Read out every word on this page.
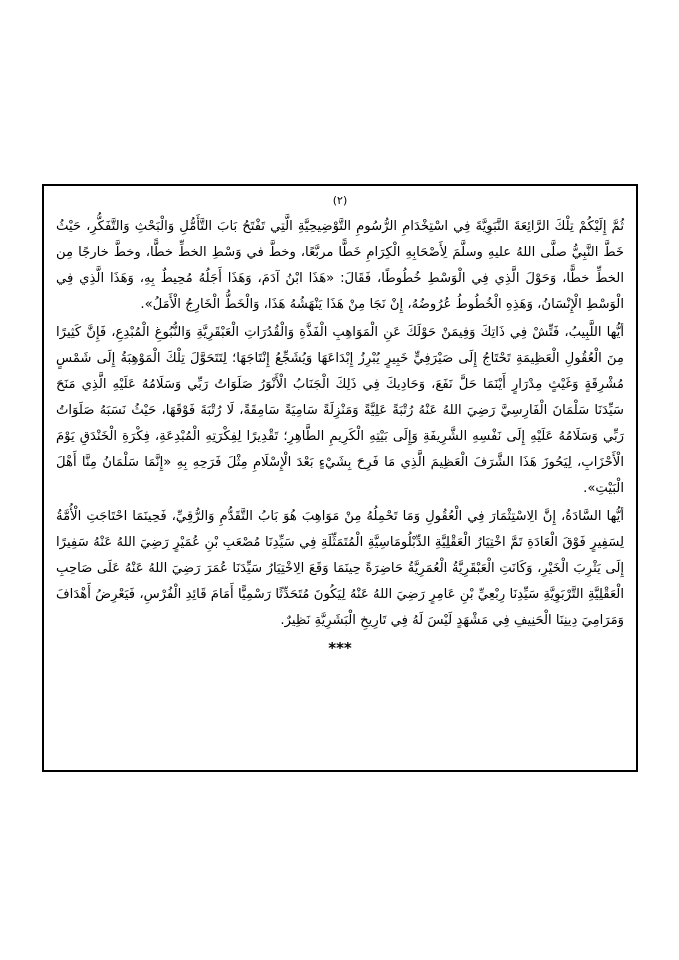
(٢)

ثُمَّ إِلَيْكُمْ تِلْكَ الرَّائِعَةَ النَّبَوِيَّةَ فِي اسْتِخْدَامِ الرُّسُومِ التَّوْضِيحِيَّةِ الَّتِي تَفْتَحُ بَابَ التَّأَمُّلِ وَالْبَحْثِ وَالتَّفَكُّرِ، حَيْثُ خَطَّ النَّبِيُّ صلَّى اللهُ عليهِ وسلَّمَ لِأَصْحَابِهِ الْكِرَامِ خَطًّا مربَّعًا، وخطَّ في وَسْطِ الخطِّ خطًّا، وخطَّ خارجًا مِن الخطِّ خطًّا، وَحَوْلَ الَّذِي فِي الْوَسْطِ خُطُوطًا، فَقَالَ: «هَذَا ابْنُ آدَمَ، وَهَذَا أَجَلُهُ مُحِيطٌ بِهِ، وَهَذَا الَّذِي فِي الْوَسْطِ الْإِنْسَانُ، وَهَذِهِ الْخُطُوطُ عُرُوضُهُ، إِنْ نَجَا مِنْ هَذَا يَنْهَشُهُ هَذَا، وَالْخَطُّ الْخَارِجُ الْأَمَلُ».

أيُّها اللَّبِيبُ، فَتِّشْ فِي ذَاتِكَ وَفِيمَنْ حَوْلَكَ عَنِ الْمَوَاهِبِ الْفَذَّةِ وَالْقُدُرَاتِ الْعَبْقَرِيَّةِ وَالنُّبُوغِ الْمُبْدِعِ، فَإِنَّ كَثِيرًا مِنَ الْعُقُولِ الْعَظِيمَةِ تَحْتَاجُ إِلَى صَيْرَفِيٍّ خَبِيرٍ يُبْرِزُ إِبْدَاعَهَا وَيُشَجِّعُ إِنْتَاجَهَا؛ لِتَتَحَوَّلَ تِلْكَ الْمَوْهِبَةُ إِلَى شَمْسٍ مُشْرِقَةٍ وَغَيْثٍ مِدْرَارٍ أَيْنَمَا حَلَّ نَفَعَ، وَحَادِيكَ فِي ذَلِكَ الْجَنَابُ الْأَنْوَرُ صَلَوَاتُ رَبِّي وَسَلَامُهُ عَلَيْهِ الَّذِي مَنَحَ سَيِّدَنَا سَلْمَانَ الْفَارِسِيَّ رَضِيَ اللهُ عَنْهُ رُتْبَةً عَلِيَّةً وَمَنْزِلَةً سَامِيَةً سَامِقَةً، لَا رُتْبَةَ فَوْقَهَا، حَيْثُ نَسَبَهُ صَلَوَاتُ رَبِّي وَسَلَامُهُ عَلَيْهِ إِلَى نَفْسِهِ الشَّرِيفَةِ وَإِلَى بَيْتِهِ الْكَرِيمِ الطَّاهِرِ؛ تَقْدِيرًا لِفِكْرَتِهِ الْمُبْدِعَةِ، فِكْرَةِ الْخَنْدَقِ يَوْمَ الْأَحْزَابِ، لِيَحُوزَ هَذَا الشَّرَفَ الْعَظِيمَ الَّذِي مَا فَرِحَ بِشَيْءٍ بَعْدَ الْإِسْلَامِ مِثْلَ فَرَحِهِ بِهِ «إِنَّمَا سَلْمَانُ مِنَّا أَهْلَ الْبَيْتِ».

أيُّها السَّادَةُ، إِنَّ الِاسْتِثْمَارَ فِي الْعُقُولِ وَمَا تَحْمِلُهُ مِنْ مَوَاهِبَ هُوَ بَابُ التَّقَدُّمِ وَالرُّقِيِّ، فَحِينَمَا احْتَاجَتِ الْأُمَّةُ لِسَفِيرٍ فَوْقَ الْعَادَةِ تَمَّ اخْتِيَارُ الْعَقْلِيَّةِ الدِّبْلُومَاسِيَّةِ الْمُتَمَثِّلَةِ فِي سَيِّدِنَا مُصْعَبِ بْنِ عُمَيْرٍ رَضِيَ اللهُ عَنْهُ سَفِيرًا إِلَى يَثْرِبَ الْخَيْرِ، وَكَانَتِ الْعَبْقَرِيَّةُ الْعُمَرِيَّةُ حَاضِرَةً حِينَمَا وَقَعَ الِاخْتِيَارُ سَيِّدَنَا عُمَرَ رَضِيَ اللهُ عَنْهُ عَلَى صَاحِبِ الْعَقْلِيَّةِ التَّرْبَوِيَّةِ سَيِّدِنَا رِبْعِيِّ بْنِ عَامِرٍ رَضِيَ اللهُ عَنْهُ لِيَكُونَ مُتَحَدِّثًا رَسْمِيًّا أَمَامَ قَائِدِ الْفُرْسِ، فَيَعْرِضُ أَهْدَافَ وَمَرَامِيَ دِينِنَا الْحَنِيفِ فِي مَشْهَدٍ لَيْسَ لَهُ فِي تَارِيخِ الْبَشَرِيَّةِ نَظِيرٌ.

***
